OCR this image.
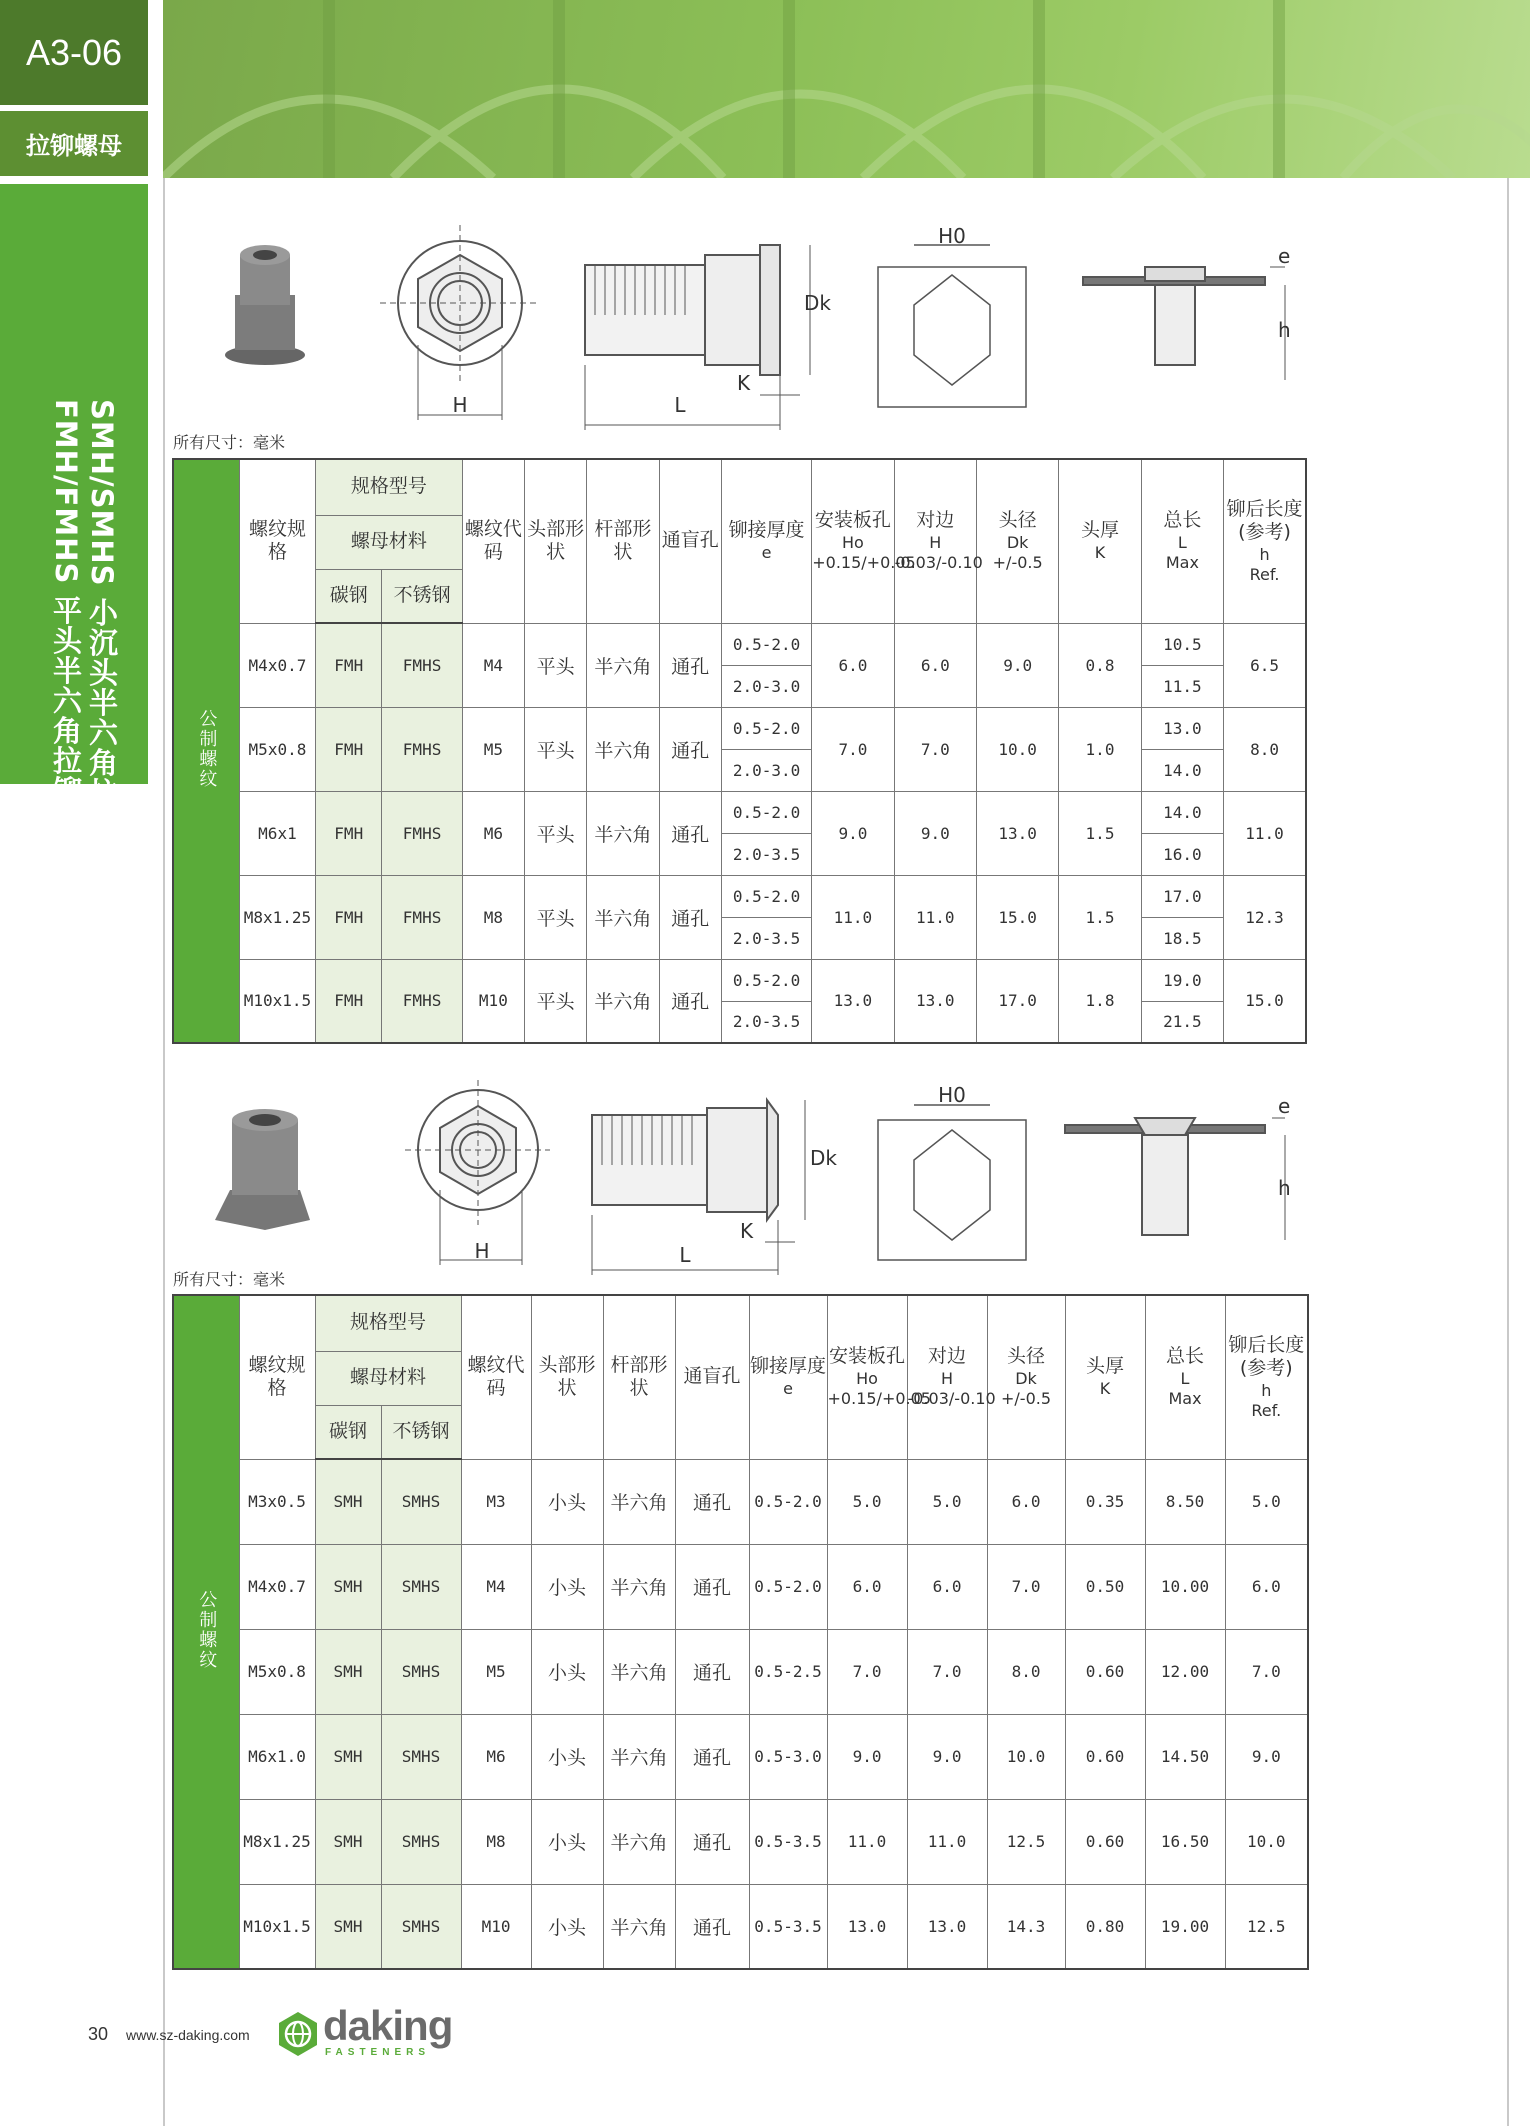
A3-06
拉铆螺母
SMH/SMHS 小沉头半六角拉铆螺母系列
FMH/FMHS 平头半六角拉铆螺母系列	H	L
K
Dk
H0
e
h
所有尺寸：毫米
公制螺纹	螺纹规格	规格型号		螺纹代码	头部形状	杆部形状	通盲孔	铆接厚度
e	安装板孔
Ho
+0.15/+0.05	对边
H
-0.03/-0.10	头径
Dk
+/-0.5	头厚
K	总长
L
Max	铆后长度(参考)
h
Ref.

		螺母材料												
		碳钢	不锈钢											
	M4x0.7	FMH	FMHS	M4	平头	半六角	通孔	0.5-2.0	6.0	6.0	9.0	0.8	10.5	6.5
								2.0-3.0					11.5	
	M5x0.8	FMH	FMHS	M5	平头	半六角	通孔	0.5-2.0	7.0	7.0	10.0	1.0	13.0	8.0
								2.0-3.0					14.0	
	M6x1	FMH	FMHS	M6	平头	半六角	通孔	0.5-2.0	9.0	9.0	13.0	1.5	14.0	11.0
								2.0-3.5					16.0	
	M8x1.25	FMH	FMHS	M8	平头	半六角	通孔	0.5-2.0	11.0	11.0	15.0	1.5	17.0	12.3
								2.0-3.5					18.5	
	M10x1.5	FMH	FMHS	M10	平头	半六角	通孔	0.5-2.0	13.0	13.0	17.0	1.8	19.0	15.0
								2.0-3.5					21.5	
H	L
K
Dk
H0	e
h
所有尺寸：毫米
公制螺纹	螺纹规格	规格型号		螺纹代码	头部形状	杆部形状	通盲孔	铆接厚度
e	安装板孔
Ho
+0.15/+0.05	对边
H
-0.03/-0.10	头径
Dk
+/-0.5	头厚
K	总长
L
Max	铆后长度(参考)
h
Ref.

		螺母材料												
		碳钢	不锈钢											
	M3x0.5	SMH	SMHS	M3	小头	半六角	通孔	0.5-2.0	5.0	5.0	6.0	0.35	8.50	5.0
	M4x0.7	SMH	SMHS	M4	小头	半六角	通孔	0.5-2.0	6.0	6.0	7.0	0.50	10.00	6.0
	M5x0.8	SMH	SMHS	M5	小头	半六角	通孔	0.5-2.5	7.0	7.0	8.0	0.60	12.00	7.0
	M6x1.0	SMH	SMHS	M6	小头	半六角	通孔	0.5-3.0	9.0	9.0	10.0	0.60	14.50	9.0
	M8x1.25	SMH	SMHS	M8	小头	半六角	通孔	0.5-3.5	11.0	11.0	12.5	0.60	16.50	10.0
	M10x1.5	SMH	SMHS	M10	小头	半六角	通孔	0.5-3.5	13.0	13.0	14.3	0.80	19.00	12.5
30 www.sz-daking.com daking
FASTENERS
